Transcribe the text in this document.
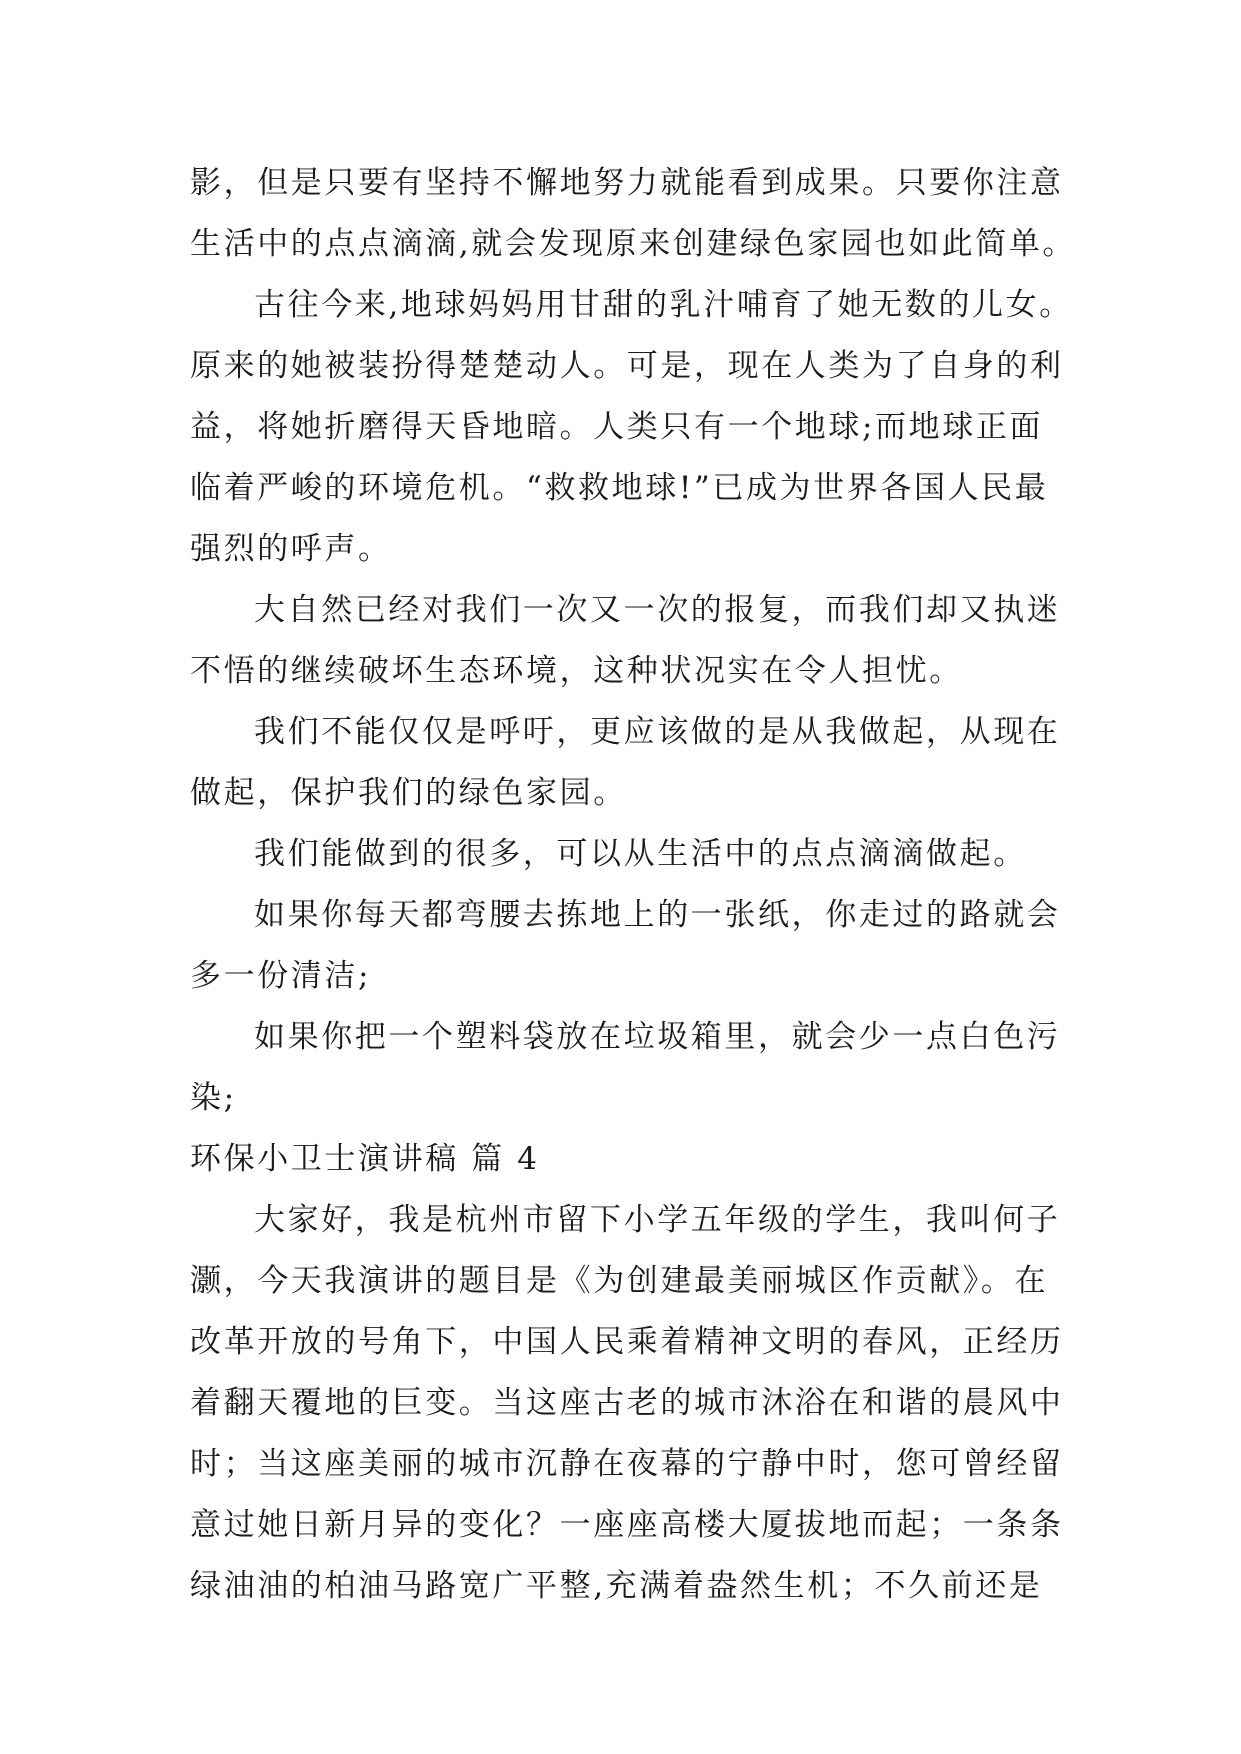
影，但是只要有坚持不懈地努力就能看到成果。只要你注意
生活中的点点滴滴,就会发现原来创建绿色家园也如此简单。
古往今来,地球妈妈用甘甜的乳汁哺育了她无数的儿女。
原来的她被装扮得楚楚动人。可是，现在人类为了自身的利
益，将她折磨得天昏地暗。人类只有一个地球;而地球正面
临着严峻的环境危机。“救救地球!”已成为世界各国人民最
强烈的呼声。
大自然已经对我们一次又一次的报复，而我们却又执迷
不悟的继续破坏生态环境，这种状况实在令人担忧。
我们不能仅仅是呼吁，更应该做的是从我做起，从现在
做起，保护我们的绿色家园。
我们能做到的很多，可以从生活中的点点滴滴做起。
如果你每天都弯腰去拣地上的一张纸，你走过的路就会
多一份清洁;
如果你把一个塑料袋放在垃圾箱里，就会少一点白色污
染;
环保小卫士演讲稿 篇 4
大家好，我是杭州市留下小学五年级的学生，我叫何子
灏，今天我演讲的题目是《为创建最美丽城区作贡献》。在
改革开放的号角下，中国人民乘着精神文明的春风，正经历
着翻天覆地的巨变。当这座古老的城市沐浴在和谐的晨风中
时；当这座美丽的城市沉静在夜幕的宁静中时，您可曾经留
意过她日新月异的变化？一座座高楼大厦拔地而起；一条条
绿油油的柏油马路宽广平整,充满着盎然生机；不久前还是
